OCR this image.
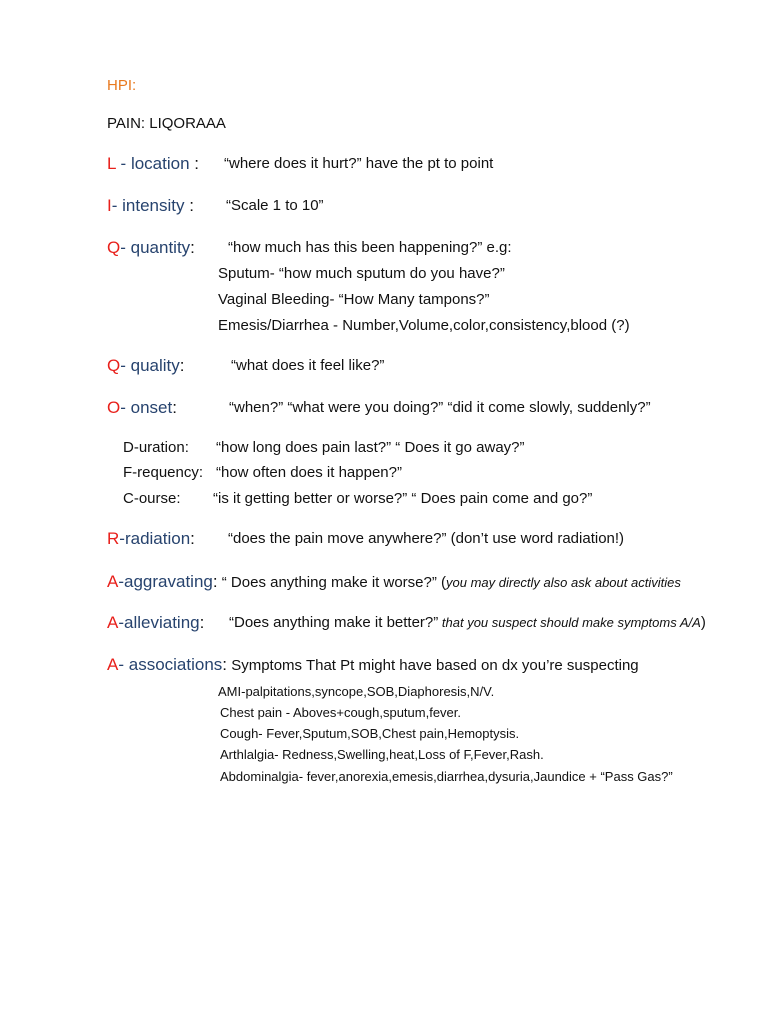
HPI:
PAIN: LIQORAAA
L - location : “where does it hurt?” have the pt to point
I- intensity : “Scale 1 to 10”
Q- quantity: “how much has this been happening?” e.g:
Sputum- “how much sputum do you have?”
Vaginal Bleeding- “How Many tampons?”
Emesis/Diarrhea - Number,Volume,color,consistency,blood (?)
Q- quality:	“what does it feel like?”
O- onset:	“when?” “what were you doing?” “did it come slowly, suddenly?”
D-uration: “how long does pain last?” “ Does it go away?”
F-requency: “how often does it happen?”
C-ourse: “is it getting better or worse?” “ Does pain come and go?”
R-radiation: “does the pain move anywhere?” (don’t use word radiation!)
A-aggravating: “ Does anything make it worse?” (you may directly also ask about activities
A-alleviating: “Does anything make it better?” that you suspect should make symptoms A/A)
A- associations: Symptoms That Pt might have based on dx you’re suspecting
AMI-palpitations,syncope,SOB,Diaphoresis,N/V.
Chest pain - Aboves+cough,sputum,fever.
Cough- Fever,Sputum,SOB,Chest pain,Hemoptysis.
Arthlalgia- Redness,Swelling,heat,Loss of F,Fever,Rash.
Abdominalgia- fever,anorexia,emesis,diarrhea,dysuria,Jaundice + “Pass Gas?”
